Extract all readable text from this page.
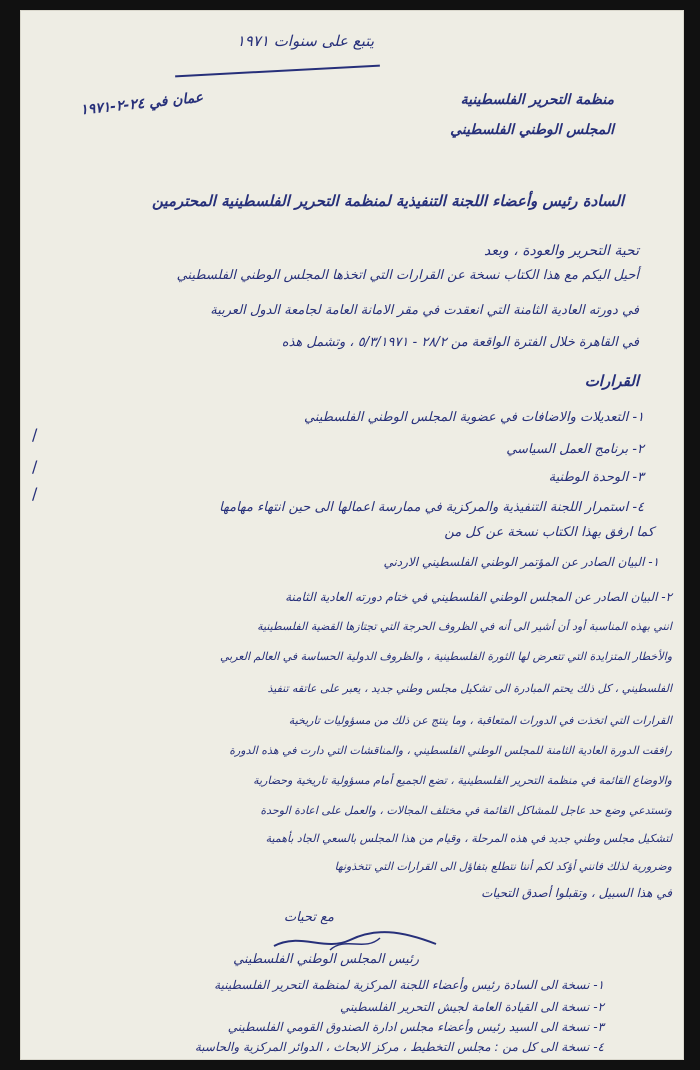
يتبع على سنوات ١٩٧١
منظمة التحرير الفلسطينية
المجلس الوطني الفلسطيني
عمان في ٢٤-٢-١٩٧١
السادة رئيس وأعضاء اللجنة التنفيذية لمنظمة التحرير الفلسطينية المحترمين
تحية التحرير والعودة ، وبعد
أحيل اليكم مع هذا الكتاب نسخة عن القرارات التي اتخذها المجلس الوطني الفلسطيني
في دورته العادية الثامنة التي انعقدت في مقر الامانة العامة لجامعة الدول العربية
في القاهرة خلال الفترة الواقعة من ٢٨/٢ - ٥/٣/١٩٧١ ، وتشمل هذه
القرارات
١- التعديلات والاضافات في عضوية المجلس الوطني الفلسطيني
٢- برنامج العمل السياسي
٣- الوحدة الوطنية
٤- استمرار اللجنة التنفيذية والمركزية في ممارسة اعمالها الى حين انتهاء مهامها
/
/
/
كما ارفق بهذا الكتاب نسخة عن كل من
١- البيان الصادر عن المؤتمر الوطني الفلسطيني الاردني
٢- البيان الصادر عن المجلس الوطني الفلسطيني في ختام دورته العادية الثامنة
انني بهذه المناسبة أود أن أشير الى أنه في الظروف الحرجة التي تجتازها القضية الفلسطينية
والأخطار المتزايدة التي تتعرض لها الثورة الفلسطينية ، والظروف الدولية الحساسة في العالم العربي
الفلسطيني ، كل ذلك يحتم المبادرة الى تشكيل مجلس وطني جديد ، يعبر على عاتقه تنفيذ
القرارات التي اتخذت في الدورات المتعاقبة ، وما ينتج عن ذلك من مسؤوليات تاريخية
رافقت الدورة العادية الثامنة للمجلس الوطني الفلسطيني ، والمناقشات التي دارت في هذه الدورة
والاوضاع القائمة في منظمة التحرير الفلسطينية ، تضع الجميع أمام مسؤولية تاريخية وحضارية
وتستدعي وضع حد عاجل للمشاكل القائمة في مختلف المجالات ، والعمل على اعادة الوحدة
لتشكيل مجلس وطني جديد في هذه المرحلة ، وقيام من هذا المجلس بالسعي الجاد بأهمية
وضرورية لذلك فانني أؤكد لكم أننا نتطلع بتفاؤل الى القرارات التي تتخذونها
في هذا السبيل ، وتقبلوا أصدق التحيات
مع تحيات
رئيس المجلس الوطني الفلسطيني
١- نسخة الى السادة رئيس وأعضاء اللجنة المركزية لمنظمة التحرير الفلسطينية
٢- نسخة الى القيادة العامة لجيش التحرير الفلسطيني
٣- نسخة الى السيد رئيس وأعضاء مجلس ادارة الصندوق القومي الفلسطيني
٤- نسخة الى كل من : مجلس التخطيط ، مركز الابحاث ، الدوائر المركزية والحاسبة
